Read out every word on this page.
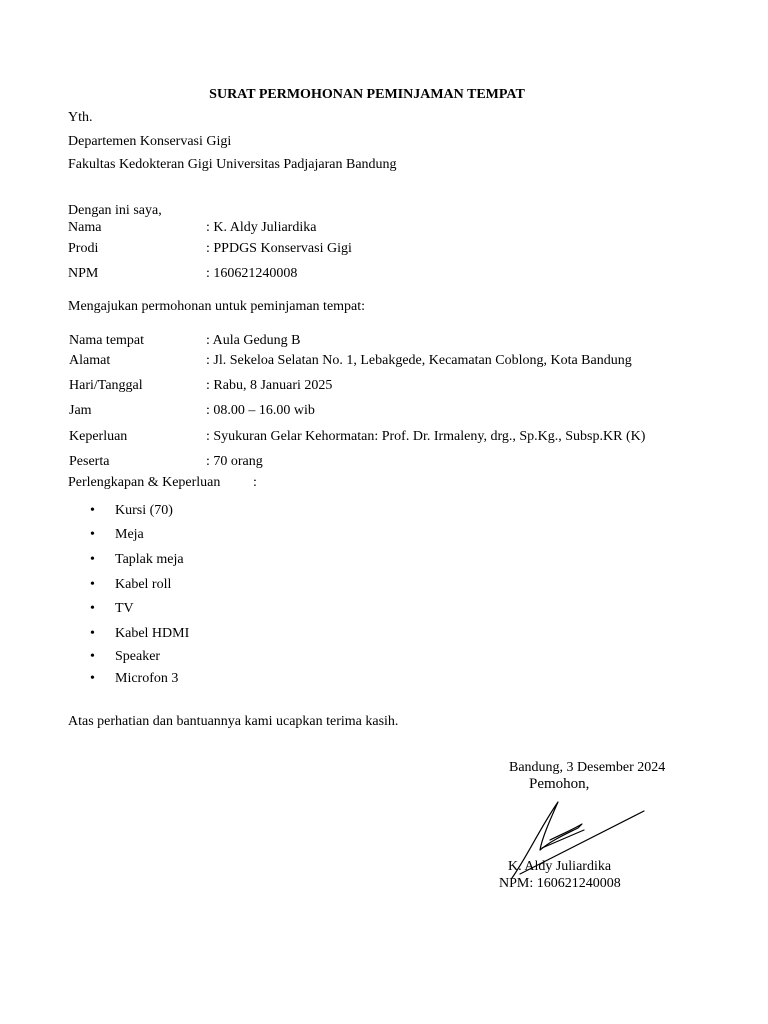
SURAT PERMOHONAN PEMINJAMAN TEMPAT
Yth.
Departemen Konservasi Gigi
Fakultas Kedokteran Gigi Universitas Padjajaran Bandung
Dengan ini saya,
Nama	: K. Aldy Juliardika
Prodi	: PPDGS Konservasi Gigi
NPM	: 160621240008
Mengajukan permohonan untuk peminjaman tempat:
Nama tempat	: Aula Gedung B
Alamat	: Jl. Sekeloa Selatan No. 1, Lebakgede, Kecamatan Coblong, Kota Bandung
Hari/Tanggal	: Rabu, 8 Januari 2025
Jam	: 08.00 – 16.00 wib
Keperluan	: Syukuran Gelar Kehormatan: Prof. Dr. Irmaleny, drg., Sp.Kg., Subsp.KR (K)
Peserta	: 70 orang
Perlengkapan & Keperluan :
• Kursi (70)
• Meja
• Taplak meja
• Kabel roll
• TV
• Kabel HDMI
• Speaker
• Microfon 3
Atas perhatian dan bantuannya kami ucapkan terima kasih.
Bandung, 3 Desember 2024
Pemohon,
K. Aldy Juliardika
NPM: 160621240008
